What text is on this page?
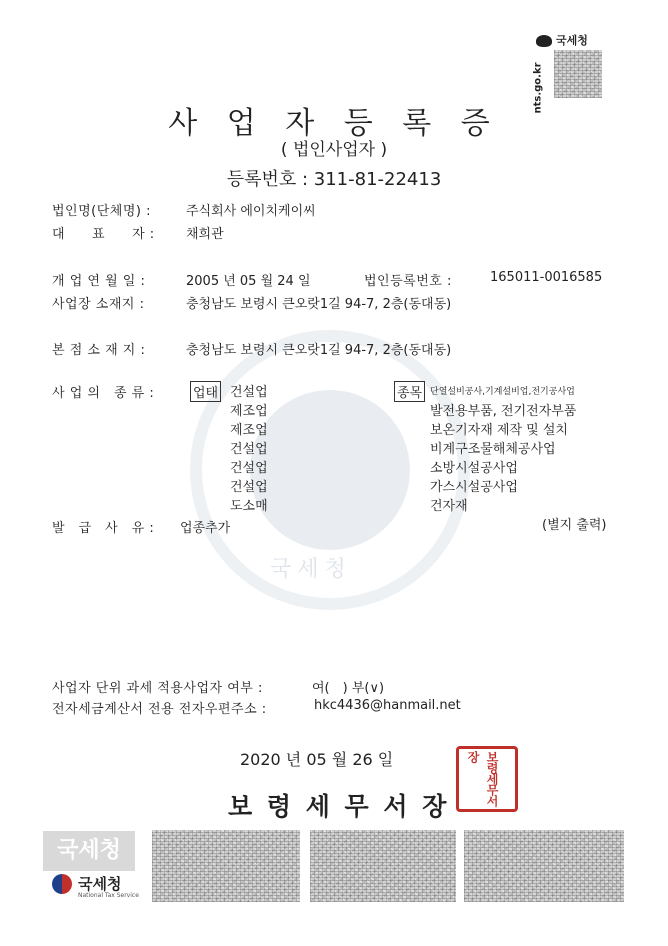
국세청
nts.go.kr
사 업 자 등 록 증
( 법인사업자 )
등록번호 : 311-81-22413
국세청
법인명(단체명) :	주식회사 에이치케이씨
대　　표　　자 : 채희관
개 업 연 월 일 :	2005 년 05 월 24 일	법인등록번호 :	165011-0016585
사업장 소재지 :	충청남도 보령시 큰오랏1길 94-7, 2층(동대동)
본 점 소 재 지 :	충청남도 보령시 큰오랏1길 94-7, 2층(동대동)
사 업 의　종 류 :	업태	종목
건설업	단열설비공사,기계설비업,전기공사업
제조업	발전용부품, 전기전자부품
제조업	보온기자재 제작 및 설치
건설업	비계구조물해체공사업
건설업	소방시설공사업
건설업	가스시설공사업
도소매	건자재
발　급　사　유 : 업종추가	(별지 출력)
사업자 단위 과세 적용사업자 여부 :	여(　) 부(∨)
전자세금계산서 전용 전자우편주소 :	hkc4436@hanmail.net
2020 년 05 월 26 일
보 령 세 무 서 장
보령세무서장
국세청
국세청
National Tax Service
